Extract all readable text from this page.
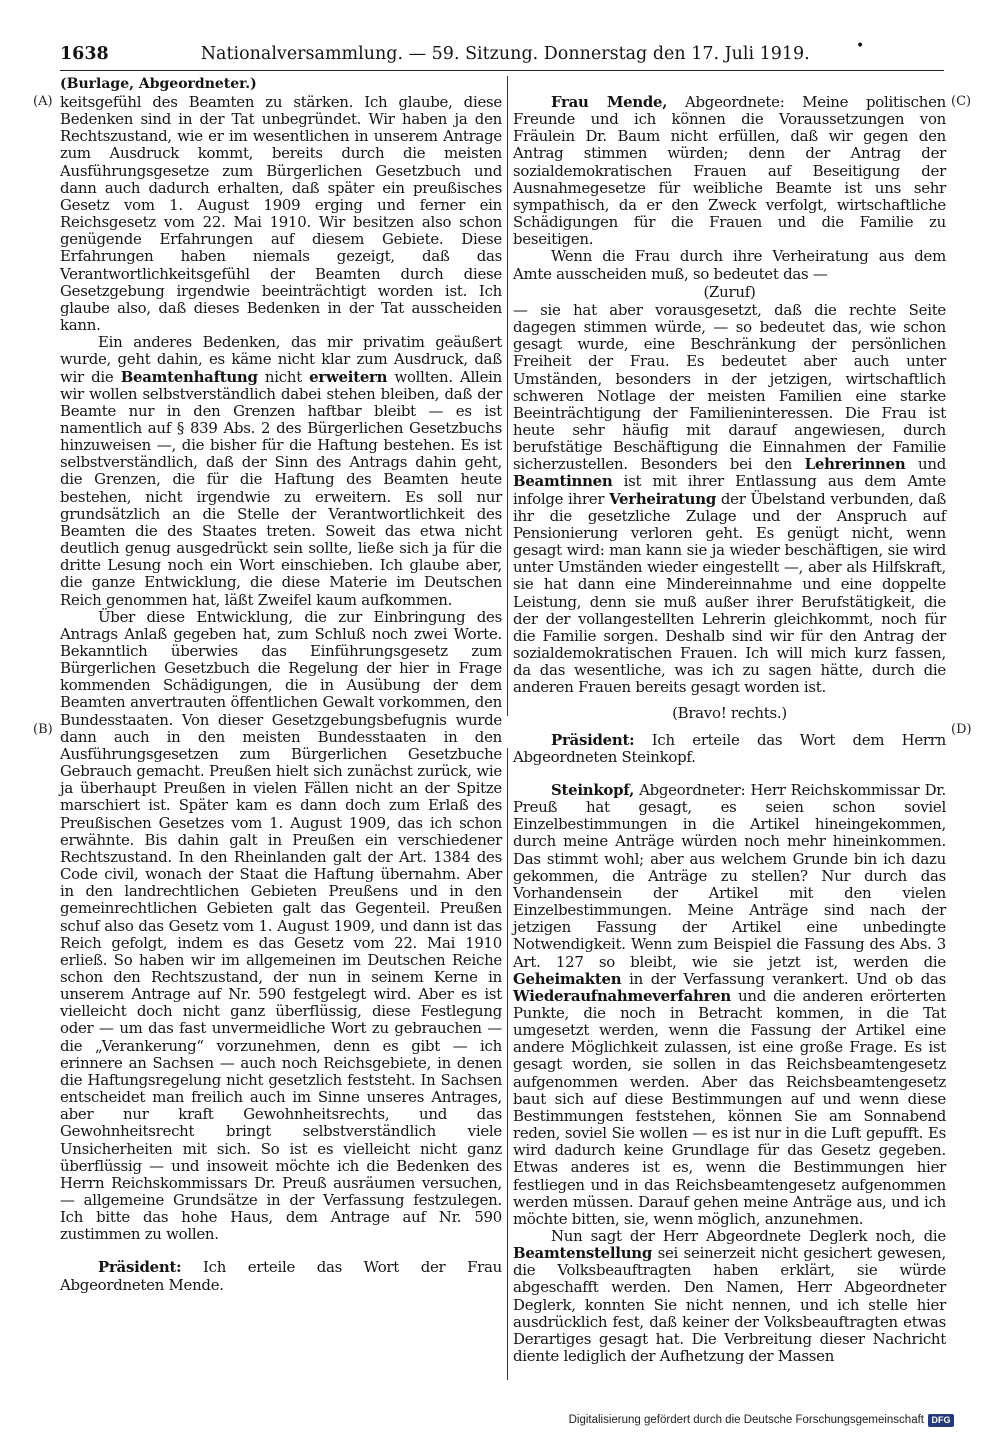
1638	Nationalversammlung. — 59. Sitzung. Donnerstag den 17. Juli 1919.	•
(A)
(B)
(C)
(D)
(Burlage, Abgeordneter.)

keitsgefühl des Beamten zu stärken. Ich glaube, diese Bedenken sind in der Tat unbegründet. Wir haben ja den Rechtszustand, wie er im wesentlichen in unserem Antrage zum Ausdruck kommt, bereits durch die meisten Ausführungsgesetze zum Bürgerlichen Gesetzbuch und dann auch dadurch erhalten, daß später ein preußisches Gesetz vom 1. August 1909 erging und ferner ein Reichsgesetz vom 22. Mai 1910. Wir besitzen also schon genügende Erfahrungen auf diesem Gebiete. Diese Erfahrungen haben niemals gezeigt, daß das Verantwortlichkeitsgefühl der Beamten durch diese Gesetzgebung irgendwie beeinträchtigt worden ist. Ich glaube also, daß dieses Bedenken in der Tat ausscheiden kann.

Ein anderes Bedenken, das mir privatim geäußert wurde, geht dahin, es käme nicht klar zum Ausdruck, daß wir die Beamtenhaftung nicht erweitern wollten. Allein wir wollen selbstverständlich dabei stehen bleiben, daß der Beamte nur in den Grenzen haftbar bleibt — es ist namentlich auf § 839 Abs. 2 des Bürgerlichen Gesetzbuchs hinzuweisen —, die bisher für die Haftung bestehen. Es ist selbstverständlich, daß der Sinn des Antrags dahin geht, die Grenzen, die für die Haftung des Beamten heute bestehen, nicht irgendwie zu erweitern. Es soll nur grundsätzlich an die Stelle der Verantwortlichkeit des Beamten die des Staates treten. Soweit das etwa nicht deutlich genug ausgedrückt sein sollte, ließe sich ja für die dritte Lesung noch ein Wort einschieben. Ich glaube aber, die ganze Entwicklung, die diese Materie im Deutschen Reich genommen hat, läßt Zweifel kaum aufkommen.

Über diese Entwicklung, die zur Einbringung des Antrags Anlaß gegeben hat, zum Schluß noch zwei Worte. Bekanntlich überwies das Einführungsgesetz zum Bürgerlichen Gesetzbuch die Regelung der hier in Frage kommenden Schädigungen, die in Ausübung der dem Beamten anvertrauten öffentlichen Gewalt vorkommen, den Bundesstaaten. Von dieser Gesetzgebungsbefugnis wurde dann auch in den meisten Bundesstaaten in den Ausführungsgesetzen zum Bürgerlichen Gesetzbuche Gebrauch gemacht. Preußen hielt sich zunächst zurück, wie ja überhaupt Preußen in vielen Fällen nicht an der Spitze marschiert ist. Später kam es dann doch zum Erlaß des Preußischen Gesetzes vom 1. August 1909, das ich schon erwähnte. Bis dahin galt in Preußen ein verschiedener Rechtszustand. In den Rheinlanden galt der Art. 1384 des Code civil, wonach der Staat die Haftung übernahm. Aber in den landrechtlichen Gebieten Preußens und in den gemeinrechtlichen Gebieten galt das Gegenteil. Preußen schuf also das Gesetz vom 1. August 1909, und dann ist das Reich gefolgt, indem es das Gesetz vom 22. Mai 1910 erließ. So haben wir im allgemeinen im Deutschen Reiche schon den Rechtszustand, der nun in seinem Kerne in unserem Antrage auf Nr. 590 festgelegt wird. Aber es ist vielleicht doch nicht ganz überflüssig, diese Festlegung oder — um das fast unvermeidliche Wort zu gebrauchen — die „Verankerung“ vorzunehmen, denn es gibt — ich erinnere an Sachsen — auch noch Reichsgebiete, in denen die Haftungsregelung nicht gesetzlich feststeht. In Sachsen entscheidet man freilich auch im Sinne unseres Antrages, aber nur kraft Gewohnheitsrechts, und das Gewohnheitsrecht bringt selbstverständlich viele Unsicherheiten mit sich. So ist es vielleicht nicht ganz überflüssig — und insoweit möchte ich die Bedenken des Herrn Reichskommissars Dr. Preuß ausräumen versuchen, — allgemeine Grundsätze in der Verfassung festzulegen. Ich bitte das hohe Haus, dem Antrage auf Nr. 590 zustimmen zu wollen.

Präsident: Ich erteile das Wort der Frau Abgeordneten Mende.

Frau Mende, Abgeordnete: Meine politischen Freunde und ich können die Voraussetzungen von Fräulein Dr. Baum nicht erfüllen, daß wir gegen den Antrag stimmen würden; denn der Antrag der sozialdemokratischen Frauen auf Beseitigung der Ausnahmegesetze für weibliche Beamte ist uns sehr sympathisch, da er den Zweck verfolgt, wirtschaftliche Schädigungen für die Frauen und die Familie zu beseitigen.

Wenn die Frau durch ihre Verheiratung aus dem Amte ausscheiden muß, so bedeutet das —

(Zuruf)

— sie hat aber vorausgesetzt, daß die rechte Seite dagegen stimmen würde, — so bedeutet das, wie schon gesagt wurde, eine Beschränkung der persönlichen Freiheit der Frau. Es bedeutet aber auch unter Umständen, besonders in der jetzigen, wirtschaftlich schweren Notlage der meisten Familien eine starke Beeinträchtigung der Familieninteressen. Die Frau ist heute sehr häufig mit darauf angewiesen, durch berufstätige Beschäftigung die Einnahmen der Familie sicherzustellen. Besonders bei den Lehrerinnen und Beamtinnen ist mit ihrer Entlassung aus dem Amte infolge ihrer Verheiratung der Übelstand verbunden, daß ihr die gesetzliche Zulage und der Anspruch auf Pensionierung verloren geht. Es genügt nicht, wenn gesagt wird: man kann sie ja wieder beschäftigen, sie wird unter Umständen wieder eingestellt —, aber als Hilfskraft, sie hat dann eine Mindereinnahme und eine doppelte Leistung, denn sie muß außer ihrer Berufstätigkeit, die der der vollangestellten Lehrerin gleichkommt, noch für die Familie sorgen. Deshalb sind wir für den Antrag der sozialdemokratischen Frauen. Ich will mich kurz fassen, da das wesentliche, was ich zu sagen hätte, durch die anderen Frauen bereits gesagt worden ist.

(Bravo! rechts.)

Präsident: Ich erteile das Wort dem Herrn Abgeordneten Steinkopf.

Steinkopf, Abgeordneter: Herr Reichskommissar Dr. Preuß hat gesagt, es seien schon soviel Einzelbestimmungen in die Artikel hineingekommen, durch meine Anträge würden noch mehr hineinkommen. Das stimmt wohl; aber aus welchem Grunde bin ich dazu gekommen, die Anträge zu stellen? Nur durch das Vorhandensein der Artikel mit den vielen Einzelbestimmungen. Meine Anträge sind nach der jetzigen Fassung der Artikel eine unbedingte Notwendigkeit. Wenn zum Beispiel die Fassung des Abs. 3 Art. 127 so bleibt, wie sie jetzt ist, werden die Geheimakten in der Verfassung verankert. Und ob das Wiederaufnahmeverfahren und die anderen erörterten Punkte, die noch in Betracht kommen, in die Tat umgesetzt werden, wenn die Fassung der Artikel eine andere Möglichkeit zulassen, ist eine große Frage. Es ist gesagt worden, sie sollen in das Reichsbeamtengesetz aufgenommen werden. Aber das Reichsbeamtengesetz baut sich auf diese Bestimmungen auf und wenn diese Bestimmungen feststehen, können Sie am Sonnabend reden, soviel Sie wollen — es ist nur in die Luft gepufft. Es wird dadurch keine Grundlage für das Gesetz gegeben. Etwas anderes ist es, wenn die Bestimmungen hier festliegen und in das Reichsbeamtengesetz aufgenommen werden müssen. Darauf gehen meine Anträge aus, und ich möchte bitten, sie, wenn möglich, anzunehmen.

Nun sagt der Herr Abgeordnete Deglerk noch, die Beamtenstellung sei seinerzeit nicht gesichert gewesen, die Volksbeauftragten haben erklärt, sie würde abgeschafft werden. Den Namen, Herr Abgeordneter Deglerk, konnten Sie nicht nennen, und ich stelle hier ausdrücklich fest, daß keiner der Volksbeauftragten etwas Derartiges gesagt hat. Die Verbreitung dieser Nachricht diente lediglich der Aufhetzung der Massen

Digitalisierung gefördert durch die Deutsche Forschungsgemeinschaft DFG
